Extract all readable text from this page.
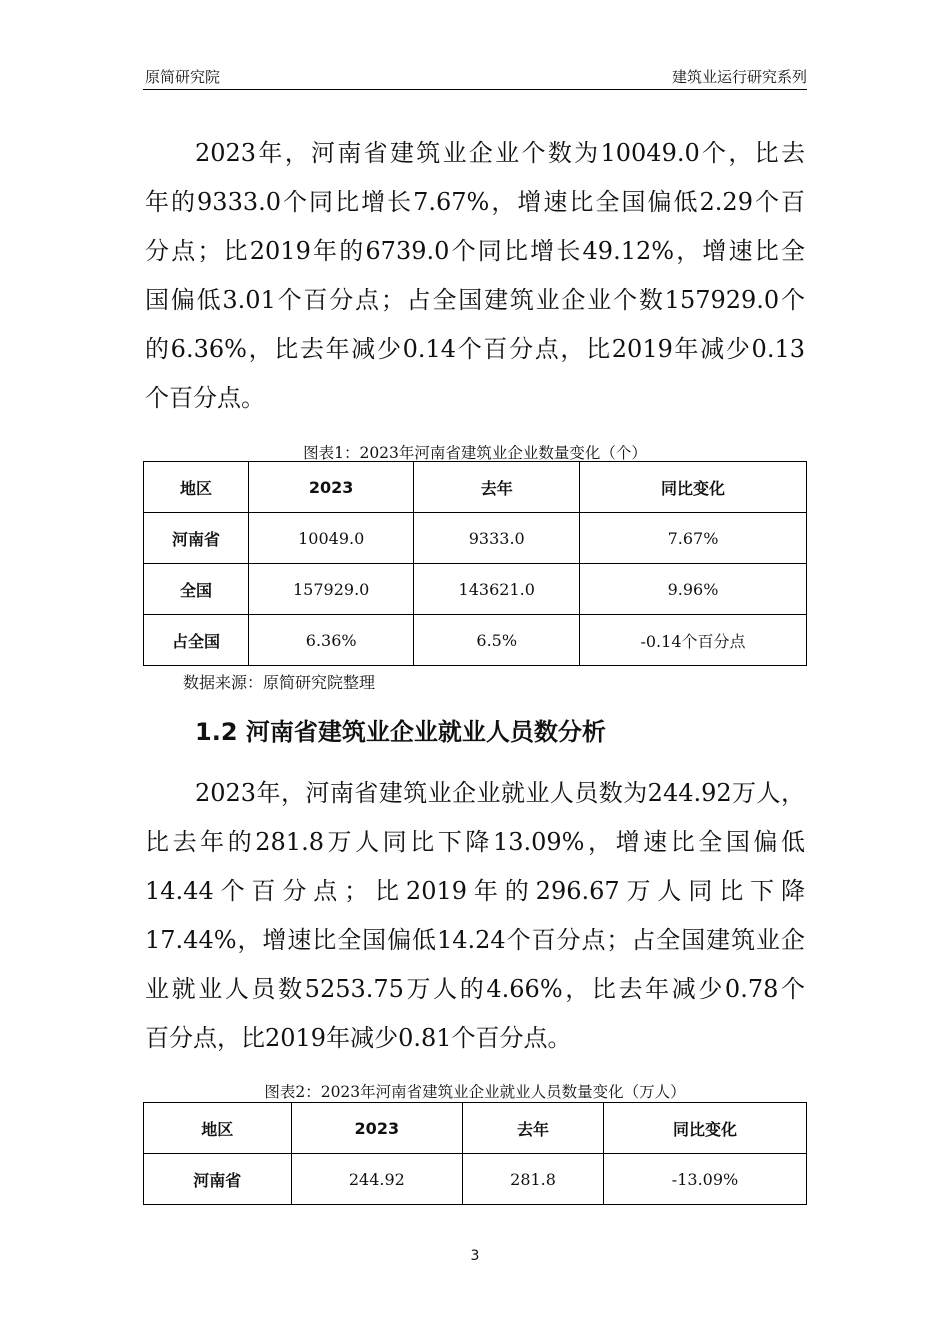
原简研究院	建筑业运行研究系列
2023年，河南省建筑业企业个数为10049.0个，比去
年的9333.0个同比增长7.67%，增速比全国偏低2.29个百
分点；比2019年的6739.0个同比增长49.12%，增速比全
国偏低3.01个百分点；占全国建筑业企业个数157929.0个
的6.36%，比去年减少0.14个百分点，比2019年减少0.13
个百分点。
图表1：2023年河南省建筑业企业数量变化（个）
地区	2023	去年	同比变化
河南省	10049.0	9333.0	7.67%
全国	157929.0	143621.0	9.96%
占全国	6.36%	6.5%	-0.14个百分点
数据来源：原简研究院整理
1.2 河南省建筑业企业就业人员数分析
2023年，河南省建筑业企业就业人员数为244.92万人，
比去年的281.8万人同比下降13.09%，增速比全国偏低
14.44个百分点；比2019年的296.67万人同比下降
17.44%，增速比全国偏低14.24个百分点；占全国建筑业企
业就业人员数5253.75万人的4.66%，比去年减少0.78个
百分点，比2019年减少0.81个百分点。
图表2：2023年河南省建筑业企业就业人员数量变化（万人）
地区	2023	去年	同比变化
河南省	244.92	281.8	-13.09%
3
